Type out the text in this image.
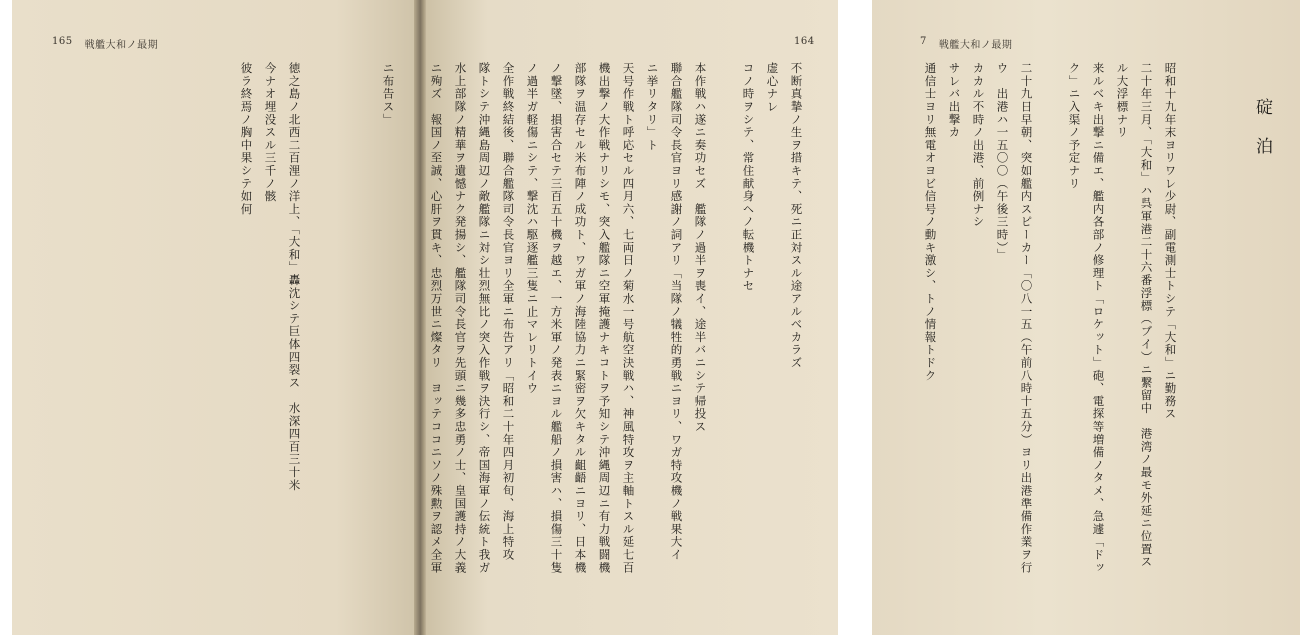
165 戦艦大和ノ最期
ニ布告ス」
徳之島ノ北西二百浬ノ洋上、「大和」轟沈シテ巨体四裂ス　水深四百三十米
今ナオ埋没スル三千ノ骸
彼ラ終焉ノ胸中果シテ如何
164
不断真摯ノ生ヲ措キテ、死ニ正対スル途アルベカラズ
虚心ナレ
コノ時ヲシテ、常住献身ヘノ転機トナセ
本作戦ハ遂ニ奏功セズ　艦隊ノ過半ヲ喪イ、途半バニシテ帰投ス
聯合艦隊司令長官ヨリ感謝ノ詞アリ「当隊ノ犠牲的勇戦ニヨリ、ワガ特攻機ノ戦果大イ
ニ挙リタリ」ト
天号作戦ト呼応セル四月六、七両日ノ菊水一号航空決戦ハ、神風特攻ヲ主軸トスル延七百
機出撃ノ大作戦ナリシモ、突入艦隊ニ空軍掩護ナキコトヲ予知シテ沖縄周辺ニ有力戦闘機
部隊ヲ温存セル米布陣ノ成功ト、ワガ軍ノ海陸協力ニ緊密ヲ欠キタル齟齬ニヨリ、日本機
ノ撃墜、損害合セテ三百五十機ヲ越エ、一方米軍ノ発表ニヨル艦船ノ損害ハ、損傷三十隻
ノ過半ガ軽傷ニシテ、撃沈ハ駆逐艦三隻ニ止マレリトイウ
全作戦終結後、聯合艦隊司令長官ヨリ全軍ニ布告アリ「昭和二十年四月初旬、海上特攻
隊トシテ沖縄島周辺ノ敵艦隊ニ対シ壮烈無比ノ突入作戦ヲ決行シ、帝国海軍ノ伝統ト我ガ
水上部隊ノ精華ヲ遺憾ナク発揚シ、艦隊司令長官ヲ先頭ニ幾多忠勇ノ士、皇国護持ノ大義
ニ殉ズ　報国ノ至誠、心肝ヲ貫キ、忠烈万世ニ燦タリ　ヨッテココニソノ殊勲ヲ認メ全軍
7 戦艦大和ノ最期
碇泊
昭和十九年末ヨリワレ少尉、副電測士トシテ「大和」ニ勤務ス
二十年三月、「大和」ハ呉軍港二十六番浮標（ブイ）ニ繋留中　港湾ノ最モ外延ニ位置ス
ル大浮標ナリ
来ルベキ出撃ニ備エ、艦内各部ノ修理ト「ロケット」砲、電探等増備ノタメ、急遽「ドッ
ク」ニ入渠ノ予定ナリ
二十九日早朝、突如艦内スピーカー「〇八一五（午前八時十五分）ヨリ出港準備作業ヲ行
ウ　出港ハ一五〇〇（午後三時）」
カカル不時ノ出港、前例ナシ
サレバ出撃カ
通信士ヨリ無電オヨビ信号ノ動キ激シ、トノ情報トドク
